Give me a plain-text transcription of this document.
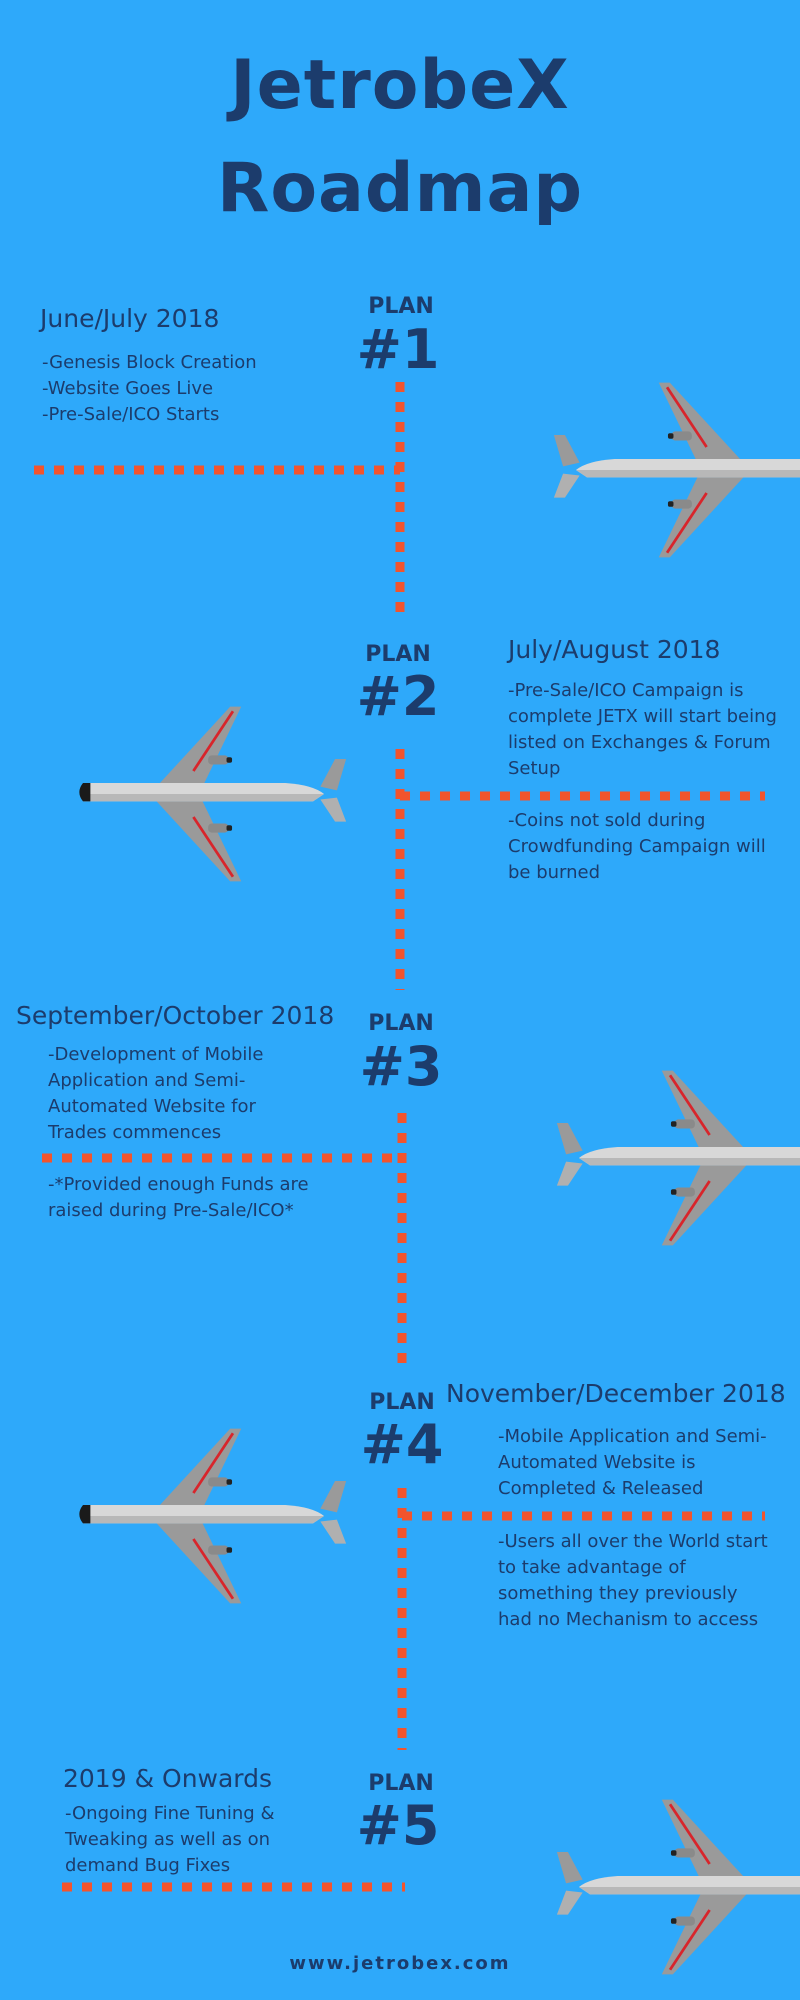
JetrobeX
Roadmap
PLAN
#1
June/July 2018
-Genesis Block Creation
-Website Goes Live
-Pre-Sale/ICO Starts
PLAN
#2
July/August 2018
-Pre-Sale/ICO Campaign is complete JETX will start being listed on Exchanges & Forum Setup
-Coins not sold during Crowdfunding Campaign will be burned
PLAN
#3
September/October 2018
-Development of Mobile Application and Semi-Automated Website for Trades commences
-*Provided enough Funds are raised during Pre-Sale/ICO*
PLAN
#4
November/December 2018
-Mobile Application and Semi-Automated Website is Completed & Released
-Users all over the World start to take advantage of something they previously had no Mechanism to access
PLAN
#5
2019 & Onwards
-Ongoing Fine Tuning & Tweaking as well as on demand Bug Fixes
www.jetrobex.com
